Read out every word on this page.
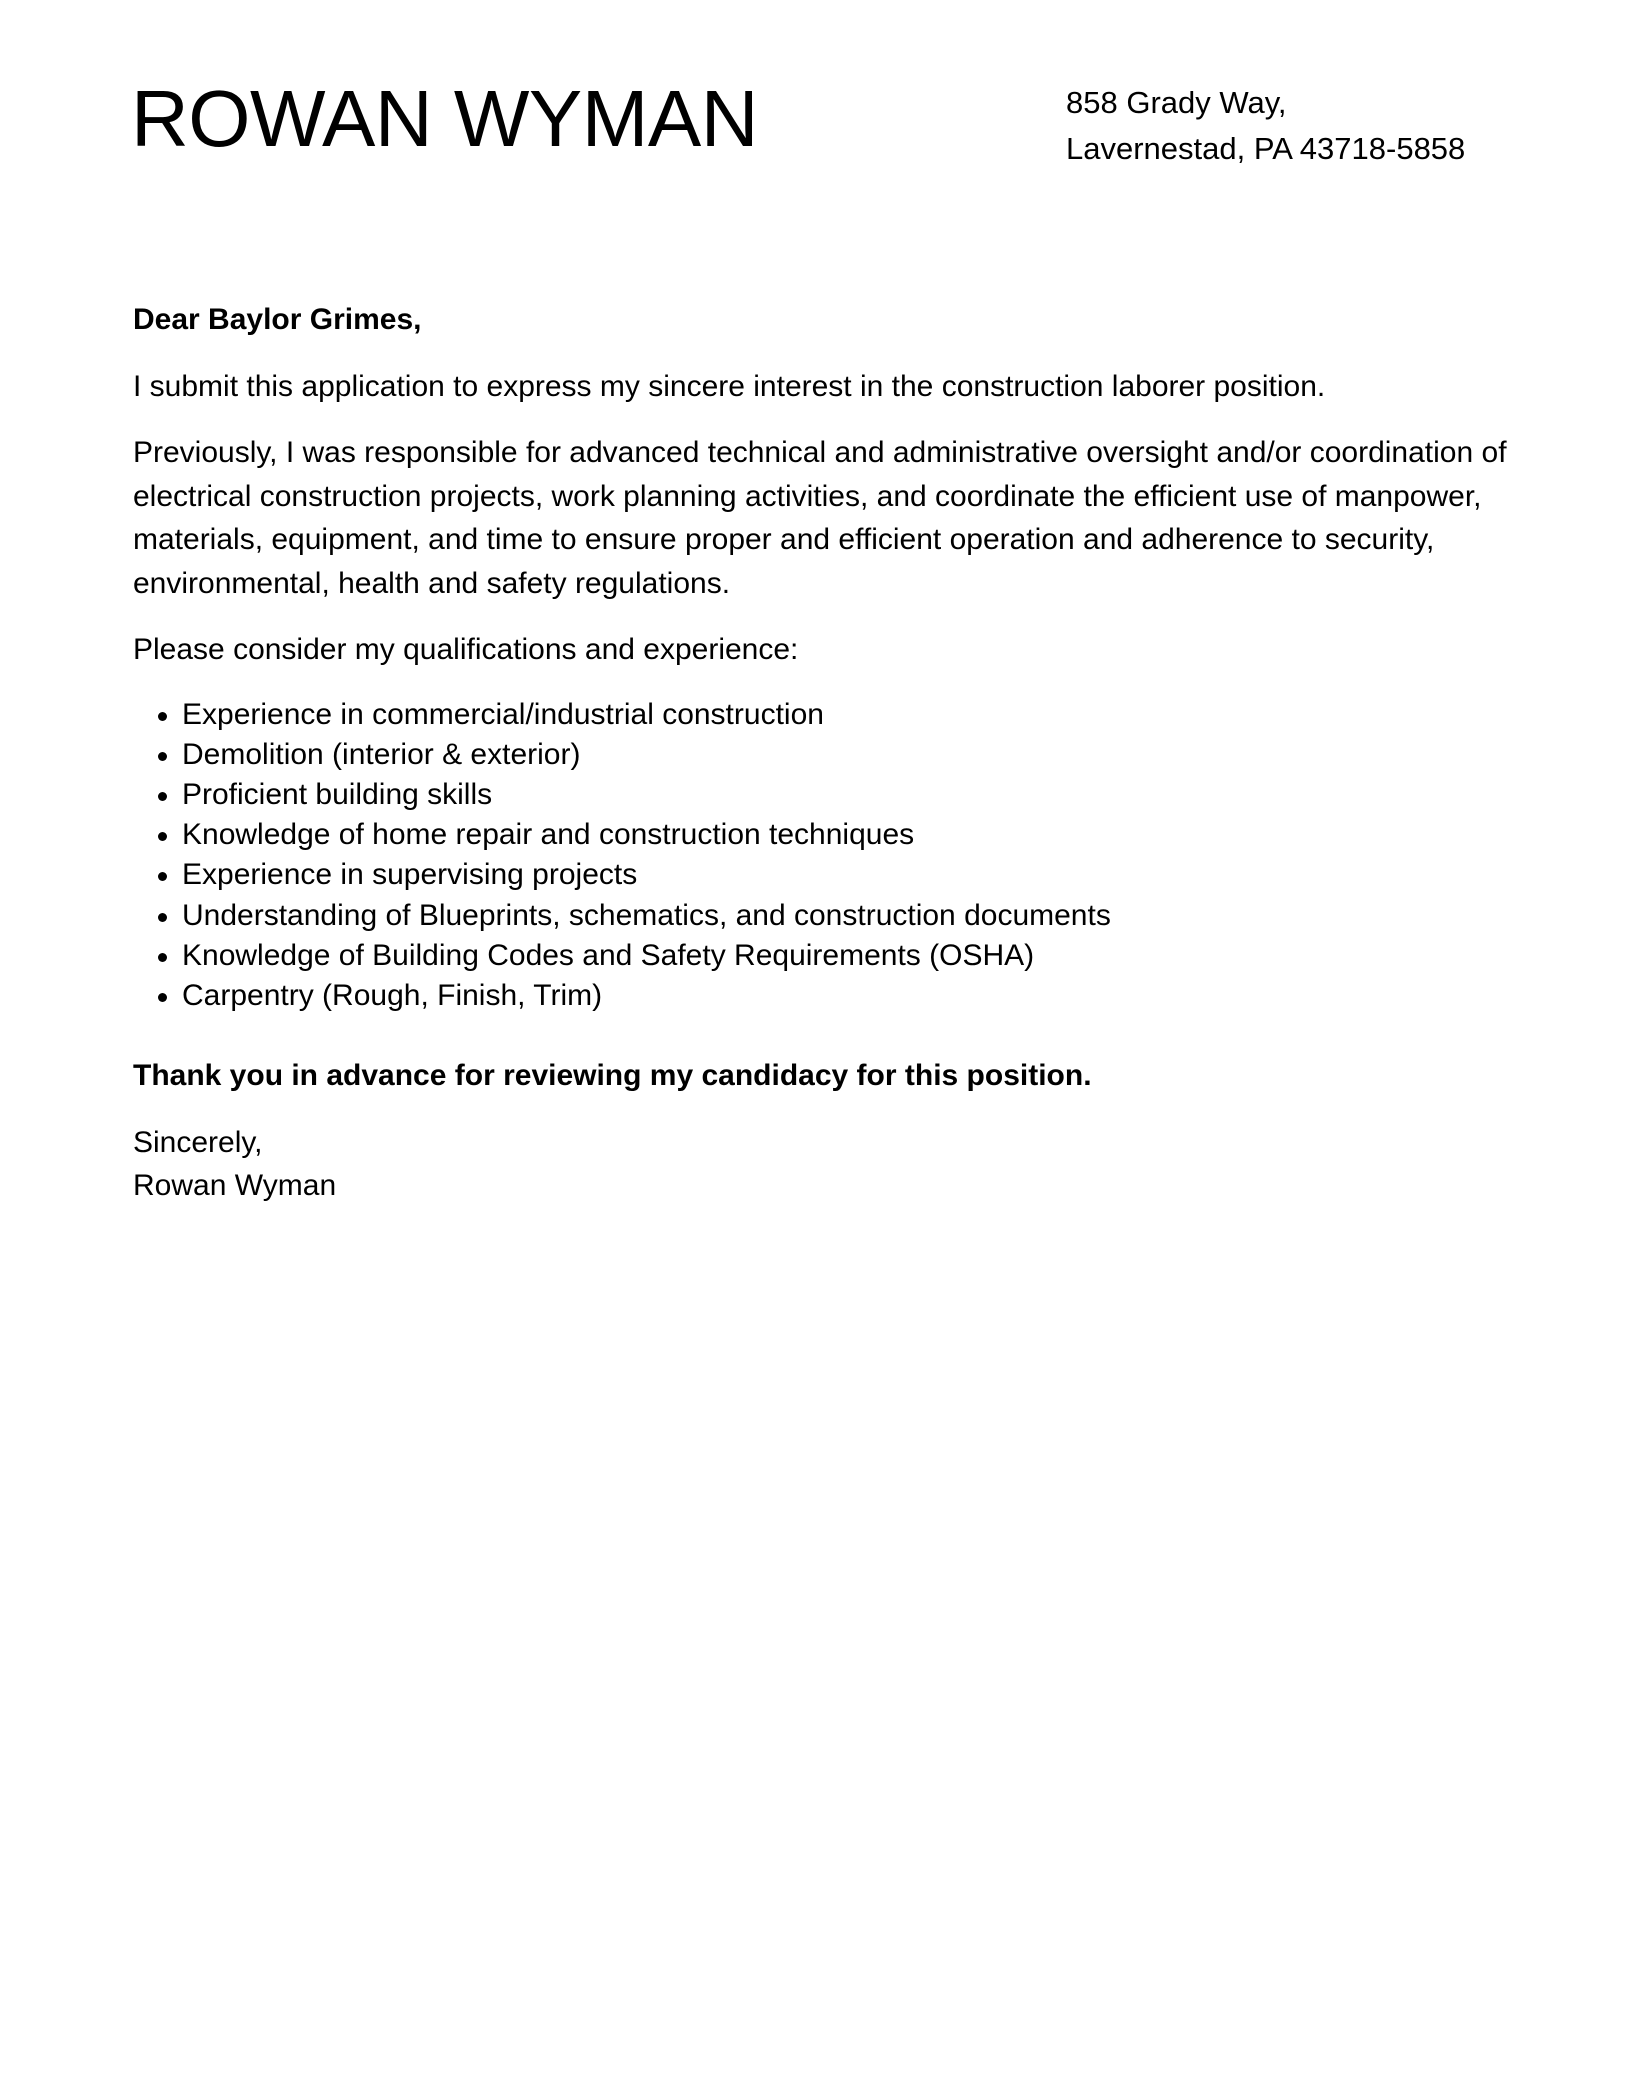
ROWAN WYMAN	858 Grady Way,
Lavernestad, PA 43718-5858

Dear Baylor Grimes,

I submit this application to express my sincere interest in the construction laborer position.

Previously, I was responsible for advanced technical and administrative oversight and/or coordination of electrical construction projects, work planning activities, and coordinate the efficient use of manpower, materials, equipment, and time to ensure proper and efficient operation and adherence to security, environmental, health and safety regulations.

Please consider my qualifications and experience:

Experience in commercial/industrial construction
Demolition (interior & exterior)
Proficient building skills
Knowledge of home repair and construction techniques
Experience in supervising projects
Understanding of Blueprints, schematics, and construction documents
Knowledge of Building Codes and Safety Requirements (OSHA)
Carpentry (Rough, Finish, Trim)

Thank you in advance for reviewing my candidacy for this position.

Sincerely,

Rowan Wyman
